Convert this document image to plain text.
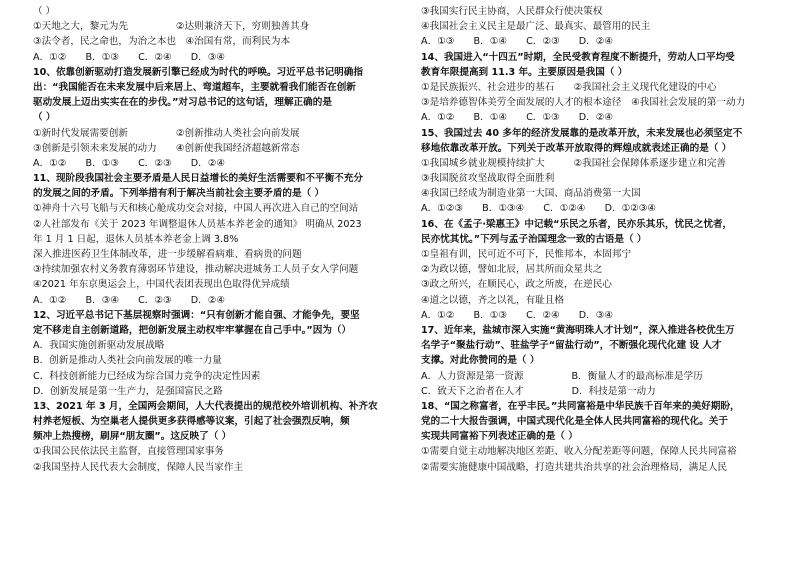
（ ）
①天地之大，黎元为先　　　　　②达则兼济天下，穷则独善其身
③法令者，民之命也，为治之本也　④治国有常，而利民为本
A．①②　　B．①③　　C．②④　　D．③④
10、依靠创新驱动打造发展新引擎已经成为时代的呼唤。习近平总书记明确指
出：“我国能否在未来发展中后来居上、弯道超车，主要就看我们能否在创新
驱动发展上迈出实实在在的步伐。”对习总书记的这句话，理解正确的是
（ ）
①新时代发展需要创新　　　　　②创新推动人类社会向前发展
③创新是引领未来发展的动力　　④创新使我国经济超越新常态
A．①②　　B．①③　　C．②③　　D．②④
11、现阶段我国社会主要矛盾是人民日益增长的美好生活需要和不平衡不充分
的发展之间的矛盾。下列举措有利于解决当前社会主要矛盾的是（ ）
①神舟十六号飞船与天和核心舱成功交会对接，中国人再次进入自己的空间站
②人社部发布《关于 2023 年调整退休人员基本养老金的通知》 明确从 2023
年 1 月 1 日起，退休人员基本养老金上调 3.8%
深入推进医药卫生体制改革，进一步缓解看病难、看病贵的问题
③持续加强农村义务教育薄弱环节建设，推动解决进城务工人员子女入学问题
④2021 年东京奥运会上，中国代表团表现出色取得优异成绩
A．①②　　B．③④　　C．②③　　D．②④
12、习近平总书记下基层视察时强调：“只有创新才能自强、才能争先，要坚
定不移走自主创新道路，把创新发展主动权牢牢掌握在自己手中。”因为（）
A．我国实施创新驱动发展战略
B．创新是推动人类社会向前发展的唯一力量
C．科技创新能力已经成为综合国力竞争的决定性因素
D．创新发展是第一生产力，是强国富民之路
13、2021 年 3 月，全国两会期间，人大代表提出的规范校外培训机构、补齐农
村养老短板、为空巢老人提供更多获得感等议案，引起了社会强烈反响，频
频冲上热搜榜，刷屏“朋友圈”。这反映了（ ）
①我国公民依法民主监督，直接管理国家事务
②我国坚持人民代表大会制度，保障人民当家作主
③我国实行民主协商，人民群众行使决策权
④我国社会主义民主是最广泛、最真实、最管用的民主
A．①③　　B．①④　　C．②③　　D．②④
14、我国进入“十四五”时期，全民受教育程度不断提升，劳动人口平均受
教育年限提高到 11.3 年。主要原因是我国（ ）
①是民族振兴、社会进步的基石　　②我国社会主义现代化建设的中心
③是培养德智体美劳全面发展的人才的根本途径　④我国社会发展的第一动力
A．①②　　B．①④　　C．①③　　D．②④
15、我国过去 40 多年的经济发展靠的是改革开放，未来发展也必须坚定不
移地依靠改革开放。下列关于改革开放取得的辉煌成就表述正确的是（ ）
①我国城乡就业规模持续扩大　　　②我国社会保障体系逐步建立和完善
③我国脱贫攻坚战取得全面胜利
④我国已经成为制造业第一大国、商品消费第一大国
A．①②③　　B．①③④　　C．①②④　　D．①②③④
16、在《孟子·梁惠王》中记载“乐民之乐者，民亦乐其乐，忧民之忧者，
民亦忧其忧。”下列与孟子治国理念一致的古语是（ ）
①皇祖有训，民可近不可下，民惟邦本，本固邦宁
②为政以德，譬如北辰，居其所而众星共之
③政之所兴，在顺民心，政之所废，在逆民心
④道之以德，齐之以礼，有耻且格
A．①②　　B．①③　　C．②④　　D．③④
17、近年来，盐城市深入实施“黄海明珠人才计划”，深入推进各校优生万
名学子“聚盐行动”、驻盐学子“留盐行动”，不断强化现代化建 设 人才
支撑。对此你赞同的是（ ）
A．人力资源是第一资源　　　　　B．衡量人才的最高标准是学历
C．致天下之治者在人才　　　　　D．科技是第一动力
18、“国之称富者，在乎丰民。”共同富裕是中华民族千百年来的美好期盼，
党的二十大报告强调，中国式现代化是全体人民共同富裕的现代化。关于
实现共同富裕下列表述正确的是（ ）
①需要自觉主动地解决地区差距、收入分配差距等问题，保障人民共同富裕
②需要实施健康中国战略，打造共建共治共享的社会治理格局，满足人民
